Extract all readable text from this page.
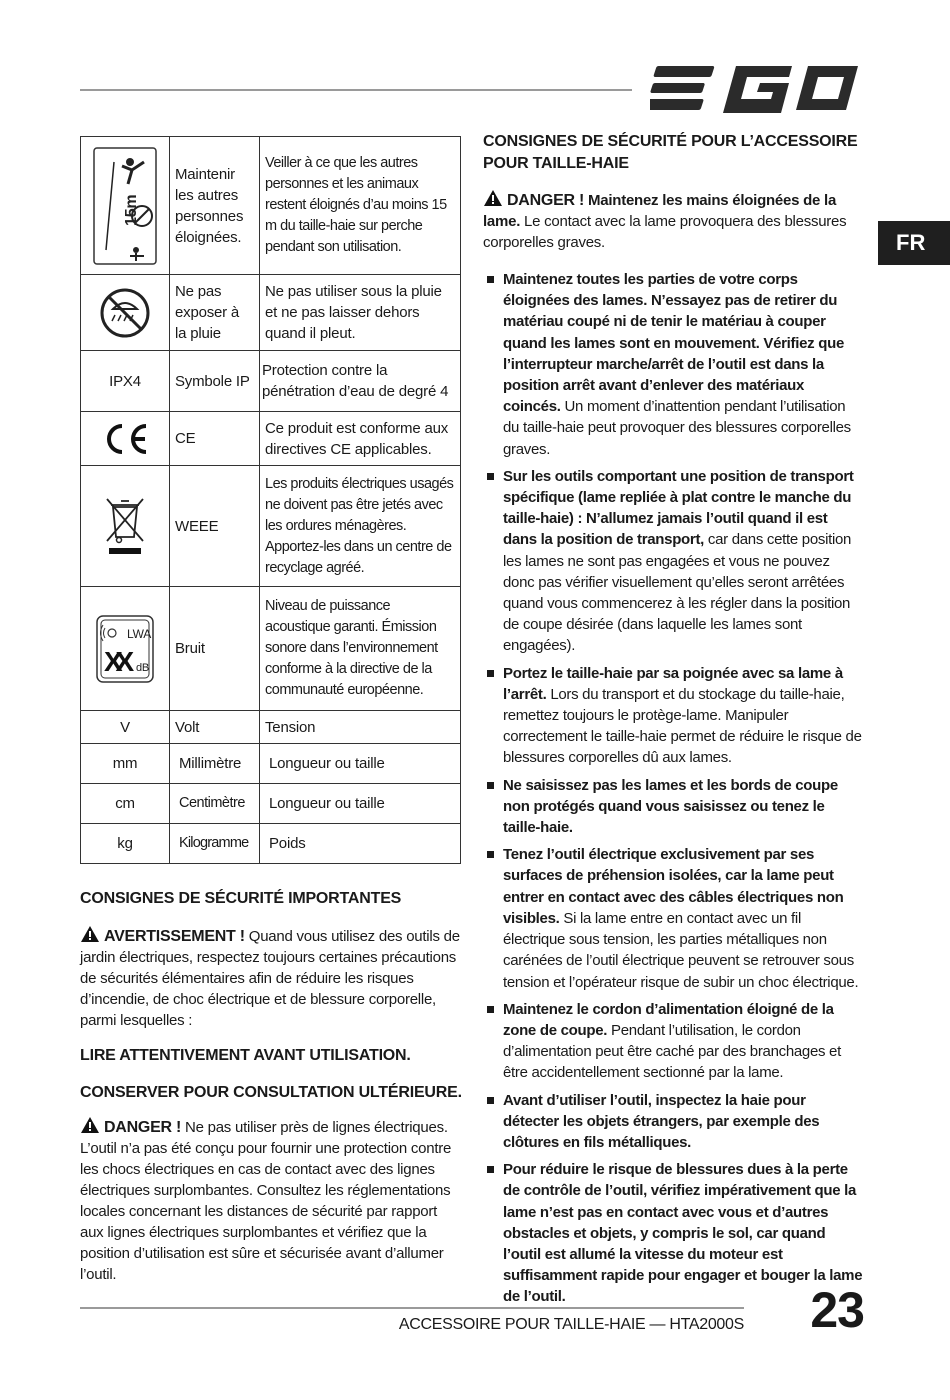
FR
15m	Maintenir les autres personnes éloignées.	Veiller à ce que les autres personnes et les animaux restent éloignés d’au moins 15 m du taille-haie sur perche pendant son utilisation.
	Ne pas exposer à la pluie	Ne pas utiliser sous la pluie et ne pas laisser dehors quand il pleut.
IPX4	Symbole IP	Protection contre la pénétration d’eau de degré 4
	CE	Ce produit est conforme aux directives CE applicables.
	WEEE	Les produits électriques usagés ne doivent pas être jetés avec les ordures ménagères. Apportez-les dans un centre de recyclage agréé.

LWA
XX dB	Bruit	Niveau de puissance acoustique garanti. Émission sonore dans l’environnement conforme à la directive de la communauté européenne.
V	Volt	Tension
mm	Millimètre	Longueur ou taille
cm	Centimètre	Longueur ou taille
kg	Kilogramme	Poids
CONSIGNES DE SÉCURITÉ IMPORTANTES

AVERTISSEMENT ! Quand vous utilisez des outils de jardin électriques, respectez toujours certaines précautions de sécurités élémentaires afin de réduire les risques d’incendie, de choc électrique et de blessure corporelle, parmi lesquelles :

LIRE ATTENTIVEMENT AVANT UTILISATION.
CONSERVER POUR CONSULTATION ULTÉRIEURE.

DANGER ! Ne pas utiliser près de lignes électriques. L’outil n’a pas été conçu pour fournir une protection contre les chocs électriques en cas de contact avec des lignes électriques surplombantes. Consultez les réglementations locales concernant les distances de sécurité par rapport aux lignes électriques surplombantes et vérifiez que la position d’utilisation est sûre et sécurisée avant d’allumer l’outil.

CONSIGNES DE SÉCURITÉ POUR L’ACCESSOIRE POUR TAILLE-HAIE

DANGER ! Maintenez les mains éloignées de la lame. Le contact avec la lame provoquera des blessures corporelles graves.

Maintenez toutes les parties de votre corps éloignées des lames. N’essayez pas de retirer du matériau coupé ni de tenir le matériau à couper quand les lames sont en mouvement. Vérifiez que l’interrupteur marche/arrêt de l’outil est dans la position arrêt avant d’enlever des matériaux coincés. Un moment d’inattention pendant l’utilisation du taille-haie peut provoquer des blessures corporelles graves.
Sur les outils comportant une position de transport spécifique (lame repliée à plat contre le manche du taille-haie) : N’allumez jamais l’outil quand il est dans la position de transport, car dans cette position les lames ne sont pas engagées et vous ne pouvez donc pas vérifier visuellement qu’elles seront arrêtées quand vous commencerez à les régler dans la position de coupe désirée (dans laquelle les lames sont engagées).
Portez le taille-haie par sa poignée avec sa lame à l’arrêt. Lors du transport et du stockage du taille-haie, remettez toujours le protège-lame. Manipuler correctement le taille-haie permet de réduire le risque de blessures corporelles dû aux lames.
Ne saisissez pas les lames et les bords de coupe non protégés quand vous saisissez ou tenez le taille-haie.
Tenez l’outil électrique exclusivement par ses surfaces de préhension isolées, car la lame peut entrer en contact avec des câbles électriques non visibles. Si la lame entre en contact avec un fil électrique sous tension, les parties métalliques non carénées de l’outil électrique peuvent se retrouver sous tension et l’opérateur risque de subir un choc électrique.
Maintenez le cordon d’alimentation éloigné de la zone de coupe. Pendant l’utilisation, le cordon d’alimentation peut être caché par des branchages et être accidentellement sectionné par la lame.
Avant d’utiliser l’outil, inspectez la haie pour détecter les objets étrangers, par exemple des clôtures en fils métalliques.
Pour réduire le risque de blessures dues à la perte de contrôle de l’outil, vérifiez impérativement que la lame n’est pas en contact avec vous et d’autres obstacles et objets, y compris le sol, car quand l’outil est allumé la vitesse du moteur est suffisamment rapide pour engager et bouger la lame de l’outil.
ACCESSOIRE POUR TAILLE-HAIE — HTA2000S 23
